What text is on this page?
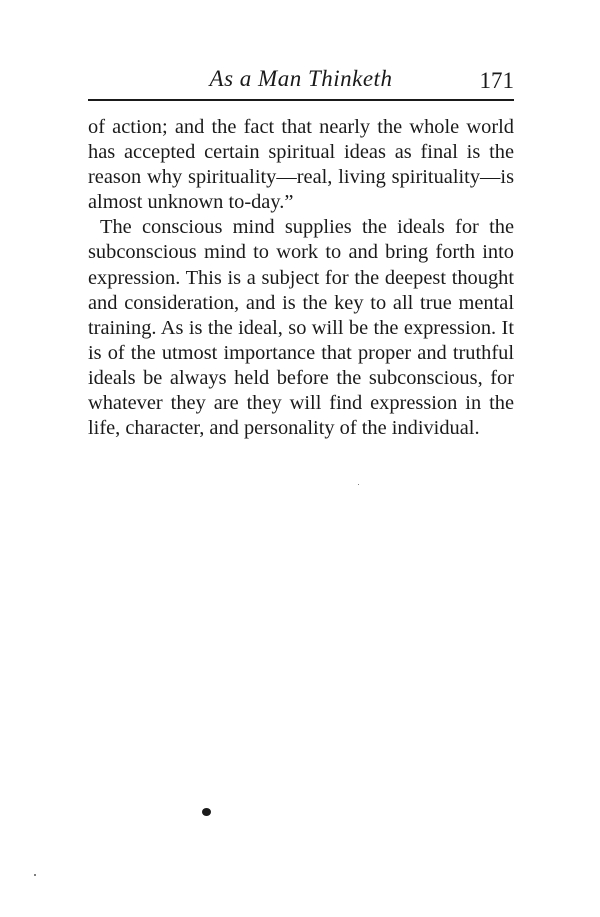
As a Man Thinketh	171

of action; and the fact that nearly the whole world has accepted certain spiritual ideas as final is the reason why spirituality—real, living spirituality—is almost unknown to-day.”

The conscious mind supplies the ideals for the subconscious mind to work to and bring forth into expression. This is a subject for the deepest thought and consideration, and is the key to all true mental training. As is the ideal, so will be the expression. It is of the utmost importance that proper and truthful ideals be always held before the subconscious, for whatever they are they will find expression in the life, character, and personality of the individual.
